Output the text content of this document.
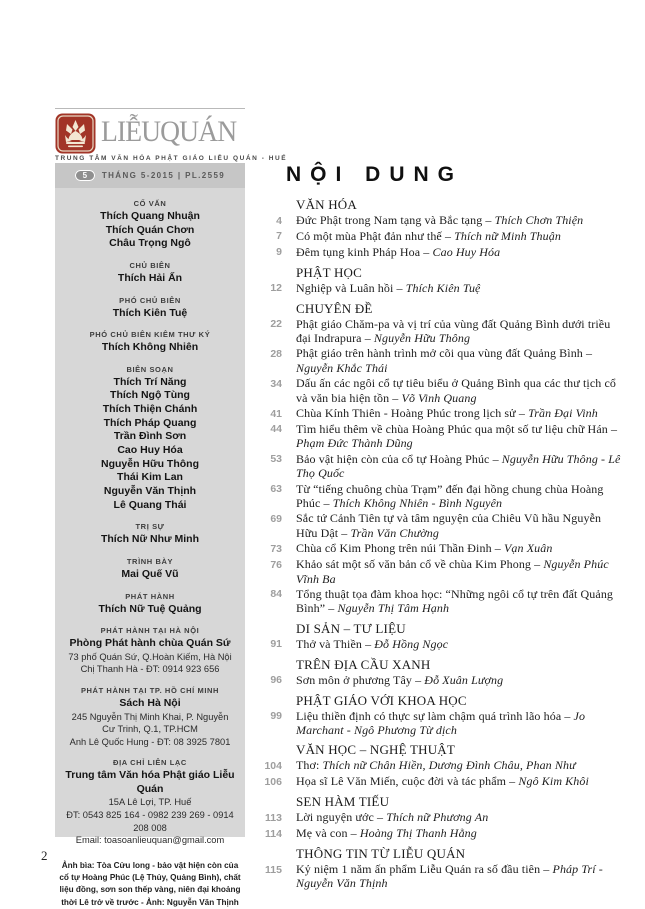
LIỄUQUÁN
TRUNG TÂM VĂN HÓA PHẬT GIÁO LIỄU QUÁN - HUẾ
5	THÁNG 5-2015 | PL.2559
CỐ VẤN
Thích Quang Nhuận
Thích Quán Chơn
Châu Trọng Ngô
CHỦ BIÊN
Thích Hải Ấn
PHÓ CHỦ BIÊN
Thích Kiên Tuệ
PHÓ CHỦ BIÊN KIÊM THƯ KÝ
Thích Không Nhiên
BIÊN SOẠN
Thích Trí Năng
Thích Ngộ Tùng
Thích Thiện Chánh
Thích Pháp Quang
Trần Đình Sơn
Cao Huy Hóa
Nguyễn Hữu Thông
Thái Kim Lan
Nguyễn Văn Thịnh
Lê Quang Thái
TRỊ SỰ
Thích Nữ Như Minh
TRÌNH BÀY
Mai Quế Vũ
PHÁT HÀNH
Thích Nữ Tuệ Quảng
PHÁT HÀNH TẠI HÀ NỘI
Phòng Phát hành chùa Quán Sứ
73 phố Quán Sứ, Q.Hoàn Kiếm, Hà Nội
Chị Thanh Hà - ĐT: 0914 923 656
PHÁT HÀNH TẠI TP. HỒ CHÍ MINH
Sách Hà Nội
245 Nguyễn Thị Minh Khai, P. Nguyễn Cư Trinh, Q.1, TP.HCM
Anh Lê Quốc Hung - ĐT: 08 3925 7801
ĐỊA CHỈ LIÊN LẠC
Trung tâm Văn hóa Phật giáo Liễu Quán
15A Lê Lợi, TP. Huế
ĐT: 0543 825 164 - 0982 239 269 - 0914 208 008
Email: toasoanlieuquan@gmail.com
Ảnh bìa: Tòa Cửu long - bảo vật hiện còn của cổ tự Hoàng Phúc (Lệ Thủy, Quảng Bình), chất liệu đồng, sơn son thếp vàng, niên đại khoảng thời Lê trở về trước - Ảnh: Nguyễn Văn Thịnh
NỘI DUNG
VĂN HÓA
4 Đức Phật trong Nam tạng và Bắc tạng – Thích Chơn Thiện
7 Có một mùa Phật đản như thế – Thích nữ Minh Thuận
9 Đêm tụng kinh Pháp Hoa – Cao Huy Hóa
PHẬT HỌC
12 Nghiệp và Luân hồi – Thích Kiên Tuệ
CHUYÊN ĐỀ
22 Phật giáo Chăm-pa và vị trí của vùng đất Quảng Bình dưới triều đại Indrapura – Nguyễn Hữu Thông
28 Phật giáo trên hành trình mở cõi qua vùng đất Quảng Bình – Nguyễn Khắc Thái
34 Dấu ấn các ngôi cổ tự tiêu biểu ở Quảng Bình qua các thư tịch cổ và văn bia hiện tồn – Võ Vinh Quang
41 Chùa Kính Thiên - Hoàng Phúc trong lịch sử – Trần Đại Vinh
44 Tìm hiểu thêm về chùa Hoàng Phúc qua một số tư liệu chữ Hán – Phạm Đức Thành Dũng
53 Bảo vật hiện còn của cổ tự Hoàng Phúc – Nguyễn Hữu Thông - Lê Thọ Quốc
63 Từ “tiếng chuông chùa Trạm” đến đại hồng chung chùa Hoàng Phúc – Thích Không Nhiên - Bình Nguyên
69 Sắc tứ Cảnh Tiên tự và tâm nguyện của Chiêu Vũ hầu Nguyễn Hữu Dật – Trần Văn Chường
73 Chùa cổ Kim Phong trên núi Thần Đinh – Vạn Xuân
76 Khảo sát một số văn bản cổ về chùa Kim Phong – Nguyễn Phúc Vĩnh Ba
84 Tổng thuật tọa đàm khoa học: “Những ngôi cổ tự trên đất Quảng Bình” – Nguyễn Thị Tâm Hạnh
DI SẢN – TƯ LIỆU
91 Thở và Thiền – Đỗ Hồng Ngọc
TRÊN ĐỊA CẦU XANH
96 Sơn môn ở phương Tây – Đỗ Xuân Lượng
PHẬT GIÁO VỚI KHOA HỌC
99 Liệu thiền định có thực sự làm chậm quá trình lão hóa – Jo Marchant - Ngô Phương Từ dịch
VĂN HỌC – NGHỆ THUẬT
104 Thơ: Thích nữ Chân Hiền, Dương Đình Châu, Phan Như
106 Họa sĩ Lê Văn Miến, cuộc đời và tác phẩm – Ngô Kim Khôi
SEN HÀM TIẾU
113 Lời nguyện ước – Thích nữ Phương An
114 Mẹ và con – Hoàng Thị Thanh Hằng
THÔNG TIN TỪ LIỄU QUÁN
115 Kỷ niệm 1 năm ấn phẩm Liễu Quán ra số đầu tiên – Pháp Trí - Nguyễn Văn Thịnh
2
